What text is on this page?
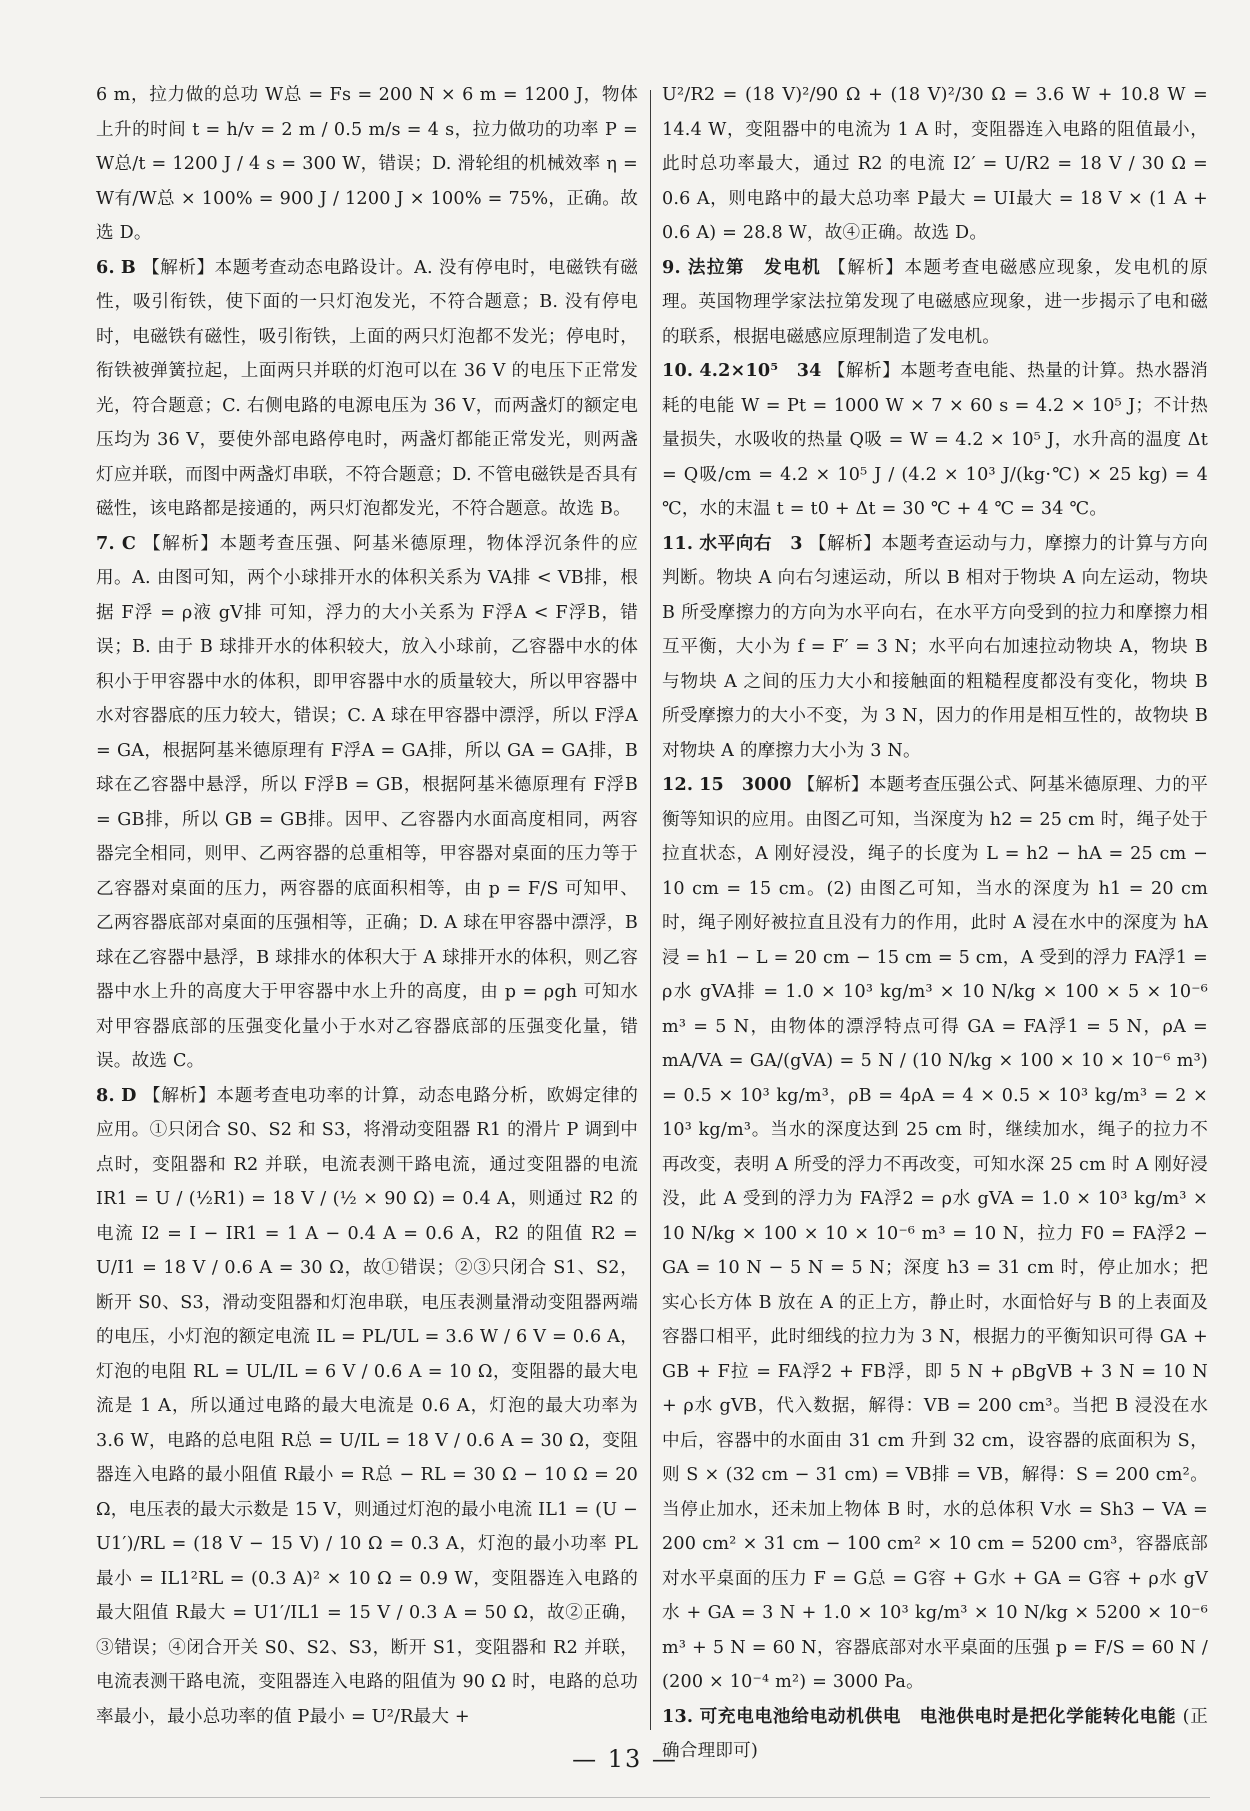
6 m，拉力做的总功 W总 = Fs = 200 N × 6 m = 1200 J，物体上升的时间 t = h/v = 2 m / 0.5 m/s = 4 s，拉力做功的功率 P = W总/t = 1200 J / 4 s = 300 W，错误；D. 滑轮组的机械效率 η = W有/W总 × 100% = 900 J / 1200 J × 100% = 75%，正确。故选 D。

6. B 【解析】本题考查动态电路设计。A. 没有停电时，电磁铁有磁性，吸引衔铁，使下面的一只灯泡发光，不符合题意；B. 没有停电时，电磁铁有磁性，吸引衔铁，上面的两只灯泡都不发光；停电时，衔铁被弹簧拉起，上面两只并联的灯泡可以在 36 V 的电压下正常发光，符合题意；C. 右侧电路的电源电压为 36 V，而两盏灯的额定电压均为 36 V，要使外部电路停电时，两盏灯都能正常发光，则两盏灯应并联，而图中两盏灯串联，不符合题意；D. 不管电磁铁是否具有磁性，该电路都是接通的，两只灯泡都发光，不符合题意。故选 B。

7. C 【解析】本题考查压强、阿基米德原理，物体浮沉条件的应用。A. 由图可知，两个小球排开水的体积关系为 VA排 < VB排，根据 F浮 = ρ液 gV排 可知，浮力的大小关系为 F浮A < F浮B，错误；B. 由于 B 球排开水的体积较大，放入小球前，乙容器中水的体积小于甲容器中水的体积，即甲容器中水的质量较大，所以甲容器中水对容器底的压力较大，错误；C. A 球在甲容器中漂浮，所以 F浮A = GA，根据阿基米德原理有 F浮A = GA排，所以 GA = GA排，B 球在乙容器中悬浮，所以 F浮B = GB，根据阿基米德原理有 F浮B = GB排，所以 GB = GB排。因甲、乙容器内水面高度相同，两容器完全相同，则甲、乙两容器的总重相等，甲容器对桌面的压力等于乙容器对桌面的压力，两容器的底面积相等，由 p = F/S 可知甲、乙两容器底部对桌面的压强相等，正确；D. A 球在甲容器中漂浮，B 球在乙容器中悬浮，B 球排水的体积大于 A 球排开水的体积，则乙容器中水上升的高度大于甲容器中水上升的高度，由 p = ρgh 可知水对甲容器底部的压强变化量小于水对乙容器底部的压强变化量，错误。故选 C。

8. D 【解析】本题考查电功率的计算，动态电路分析，欧姆定律的应用。①只闭合 S0、S2 和 S3，将滑动变阻器 R1 的滑片 P 调到中点时，变阻器和 R2 并联，电流表测干路电流，通过变阻器的电流 IR1 = U / (½R1) = 18 V / (½ × 90 Ω) = 0.4 A，则通过 R2 的电流 I2 = I − IR1 = 1 A − 0.4 A = 0.6 A，R2 的阻值 R2 = U/I1 = 18 V / 0.6 A = 30 Ω，故①错误；②③只闭合 S1、S2，断开 S0、S3，滑动变阻器和灯泡串联，电压表测量滑动变阻器两端的电压，小灯泡的额定电流 IL = PL/UL = 3.6 W / 6 V = 0.6 A，灯泡的电阻 RL = UL/IL = 6 V / 0.6 A = 10 Ω，变阻器的最大电流是 1 A，所以通过电路的最大电流是 0.6 A，灯泡的最大功率为 3.6 W，电路的总电阻 R总 = U/IL = 18 V / 0.6 A = 30 Ω，变阻器连入电路的最小阻值 R最小 = R总 − RL = 30 Ω − 10 Ω = 20 Ω，电压表的最大示数是 15 V，则通过灯泡的最小电流 IL1 = (U − U1′)/RL = (18 V − 15 V) / 10 Ω = 0.3 A，灯泡的最小功率 PL最小 = IL1²RL = (0.3 A)² × 10 Ω = 0.9 W，变阻器连入电路的最大阻值 R最大 = U1′/IL1 = 15 V / 0.3 A = 50 Ω，故②正确，③错误；④闭合开关 S0、S2、S3，断开 S1，变阻器和 R2 并联，电流表测干路电流，变阻器连入电路的阻值为 90 Ω 时，电路的总功率最小，最小总功率的值 P最小 = U²/R最大 +

U²/R2 = (18 V)²/90 Ω + (18 V)²/30 Ω = 3.6 W + 10.8 W = 14.4 W，变阻器中的电流为 1 A 时，变阻器连入电路的阻值最小，此时总功率最大，通过 R2 的电流 I2′ = U/R2 = 18 V / 30 Ω = 0.6 A，则电路中的最大总功率 P最大 = UI最大 = 18 V × (1 A + 0.6 A) = 28.8 W，故④正确。故选 D。

9. 法拉第　发电机 【解析】本题考查电磁感应现象，发电机的原理。英国物理学家法拉第发现了电磁感应现象，进一步揭示了电和磁的联系，根据电磁感应原理制造了发电机。

10. 4.2×10⁵　34 【解析】本题考查电能、热量的计算。热水器消耗的电能 W = Pt = 1000 W × 7 × 60 s = 4.2 × 10⁵ J；不计热量损失，水吸收的热量 Q吸 = W = 4.2 × 10⁵ J，水升高的温度 Δt = Q吸/cm = 4.2 × 10⁵ J / (4.2 × 10³ J/(kg·℃) × 25 kg) = 4 ℃，水的末温 t = t0 + Δt = 30 ℃ + 4 ℃ = 34 ℃。

11. 水平向右　3 【解析】本题考查运动与力，摩擦力的计算与方向判断。物块 A 向右匀速运动，所以 B 相对于物块 A 向左运动，物块 B 所受摩擦力的方向为水平向右，在水平方向受到的拉力和摩擦力相互平衡，大小为 f = F′ = 3 N；水平向右加速拉动物块 A，物块 B 与物块 A 之间的压力大小和接触面的粗糙程度都没有变化，物块 B 所受摩擦力的大小不变，为 3 N，因力的作用是相互性的，故物块 B 对物块 A 的摩擦力大小为 3 N。

12. 15　3000 【解析】本题考查压强公式、阿基米德原理、力的平衡等知识的应用。由图乙可知，当深度为 h2 = 25 cm 时，绳子处于拉直状态，A 刚好浸没，绳子的长度为 L = h2 − hA = 25 cm − 10 cm = 15 cm。(2) 由图乙可知，当水的深度为 h1 = 20 cm 时，绳子刚好被拉直且没有力的作用，此时 A 浸在水中的深度为 hA浸 = h1 − L = 20 cm − 15 cm = 5 cm，A 受到的浮力 FA浮1 = ρ水 gVA排 = 1.0 × 10³ kg/m³ × 10 N/kg × 100 × 5 × 10⁻⁶ m³ = 5 N，由物体的漂浮特点可得 GA = FA浮1 = 5 N，ρA = mA/VA = GA/(gVA) = 5 N / (10 N/kg × 100 × 10 × 10⁻⁶ m³) = 0.5 × 10³ kg/m³，ρB = 4ρA = 4 × 0.5 × 10³ kg/m³ = 2 × 10³ kg/m³。当水的深度达到 25 cm 时，继续加水，绳子的拉力不再改变，表明 A 所受的浮力不再改变，可知水深 25 cm 时 A 刚好浸没，此 A 受到的浮力为 FA浮2 = ρ水 gVA = 1.0 × 10³ kg/m³ × 10 N/kg × 100 × 10 × 10⁻⁶ m³ = 10 N，拉力 F0 = FA浮2 − GA = 10 N − 5 N = 5 N；深度 h3 = 31 cm 时，停止加水；把实心长方体 B 放在 A 的正上方，静止时，水面恰好与 B 的上表面及容器口相平，此时细线的拉力为 3 N，根据力的平衡知识可得 GA + GB + F拉 = FA浮2 + FB浮，即 5 N + ρBgVB + 3 N = 10 N + ρ水 gVB，代入数据，解得：VB = 200 cm³。当把 B 浸没在水中后，容器中的水面由 31 cm 升到 32 cm，设容器的底面积为 S，则 S × (32 cm − 31 cm) = VB排 = VB，解得：S = 200 cm²。当停止加水，还未加上物体 B 时，水的总体积 V水 = Sh3 − VA = 200 cm² × 31 cm − 100 cm² × 10 cm = 5200 cm³，容器底部对水平桌面的压力 F = G总 = G容 + G水 + GA = G容 + ρ水 gV水 + GA = 3 N + 1.0 × 10³ kg/m³ × 10 N/kg × 5200 × 10⁻⁶ m³ + 5 N = 60 N，容器底部对水平桌面的压强 p = F/S = 60 N / (200 × 10⁻⁴ m²) = 3000 Pa。

13. 可充电电池给电动机供电　电池供电时是把化学能转化电能 (正确合理即可)

— 13 —
